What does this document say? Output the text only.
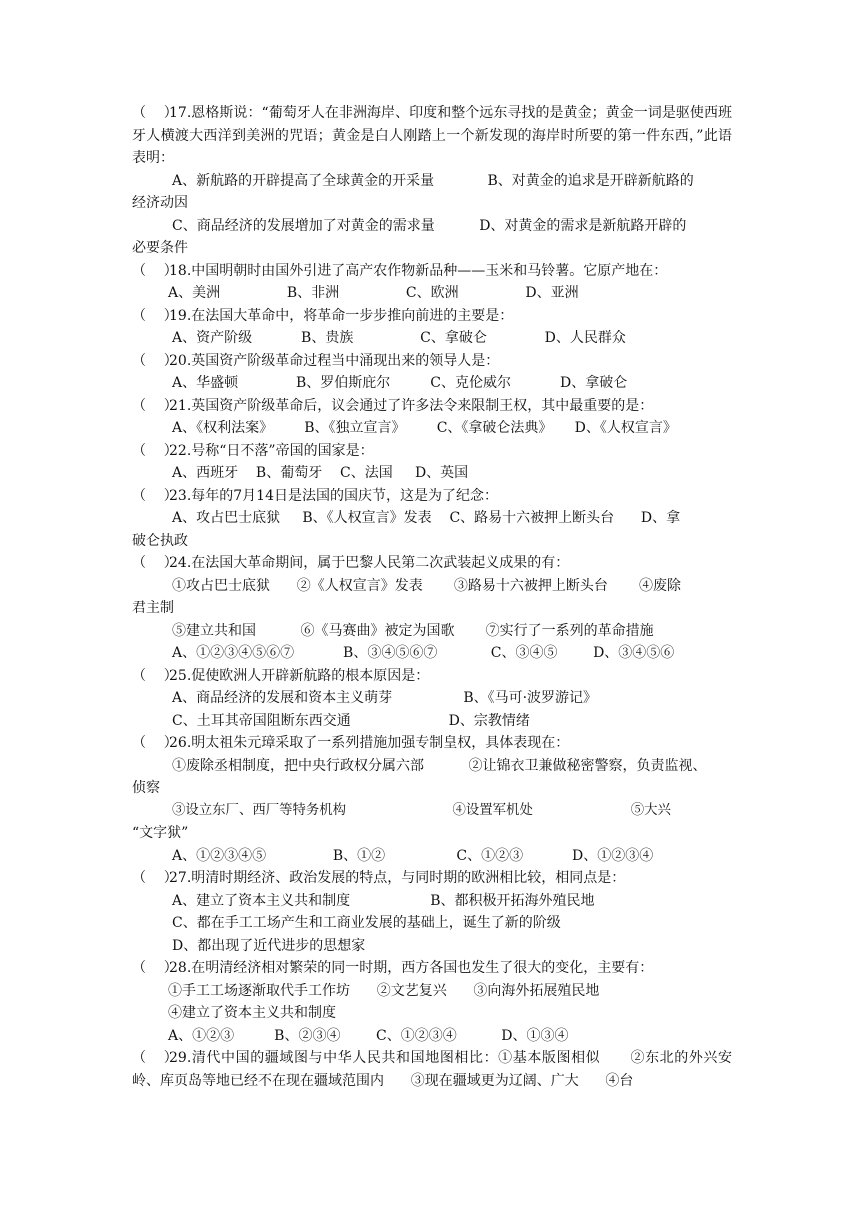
（    ）17.恩格斯说：“葡萄牙人在非洲海岸、印度和整个远东寻找的是黄金；黄金一词是驱使西班牙人横渡大西洋到美洲的咒语；黄金是白人刚踏上一个新发现的海岸时所要的第一件东西，”此语表明：
A、新航路的开辟提高了全球黄金的开采量            B、对黄金的追求是开辟新航路的
经济动因
C、商品经济的发展增加了对黄金的需求量          D、对黄金的需求是新航路开辟的
必要条件
（    ）18.中国明朝时由国外引进了高产农作物新品种——玉米和马铃薯。它原产地在：
A、美洲               B、非洲               C、欧洲               D、亚洲
（    ）19.在法国大革命中，将革命一步步推向前进的主要是：
A、资产阶级           B、贵族               C、拿破仑             D、人民群众
（    ）20.英国资产阶级革命过程当中涌现出来的领导人是：
A、华盛顿             B、罗伯斯庇尔         C、克伦威尔           D、拿破仑
（    ）21.英国资产阶级革命后，议会通过了许多法令来限制王权，其中最重要的是：
A、《权利法案》       B、《独立宣言》       C、《拿破仑法典》     D、《人权宣言》
（    ）22.号称“日不落”帝国的国家是：
A、西班牙    B、葡萄牙    C、法国     D、英国
（    ）23.每年的7月14日是法国的国庆节，这是为了纪念：
A、攻占巴士底狱     B、《人权宣言》发表    C、路易十六被押上断头台      D、拿
破仑执政
（    ）24.在法国大革命期间，属于巴黎人民第二次武装起义成果的有：
①攻占巴士底狱      ②《人权宣言》发表       ③路易十六被押上断头台       ④废除
君主制
⑤建立共和国          ⑥《马赛曲》被定为国歌       ⑦实行了一系列的革命措施
A、①②③④⑤⑥⑦           B、③④⑤⑥⑦            C、③④⑤        D、③④⑤⑥
（    ）25.促使欧洲人开辟新航路的根本原因是：
A、商品经济的发展和资本主义萌芽                B、《马可·波罗游记》
C、土耳其帝国阻断东西交通                      D、宗教情绪
（    ）26.明太祖朱元璋采取了一系列措施加强专制皇权，具体表现在：
①废除丞相制度，把中央行政权分属六部          ②让锦衣卫兼做秘密警察，负责监视、
侦察
③设立东厂、西厂等特务机构                         ④设置军机处                       ⑤大兴
“文字狱”
A、①②③④⑤               B、①②                C、①②③           D、①②③④
（    ）27.明清时期经济、政治发展的特点，与同时期的欧洲相比较，相同点是：
A、建立了资本主义共和制度                  B、都积极开拓海外殖民地
C、都在手工工场产生和工商业发展的基础上，诞生了新的阶级
D、都出现了近代进步的思想家
（    ）28.在明清经济相对繁荣的同一时期，西方各国也发生了很大的变化，主要有：
①手工工场逐渐取代手工作坊      ②文艺复兴      ③向海外拓展殖民地
④建立了资本主义共和制度
A、①②③         B、②③④        C、①②③④          D、①③④
（    ）29.清代中国的疆域图与中华人民共和国地图相比：①基本版图相似      ②东北的外兴安岭、库页岛等地已经不在现在疆域范围内      ③现在疆域更为辽阔、广大      ④台
